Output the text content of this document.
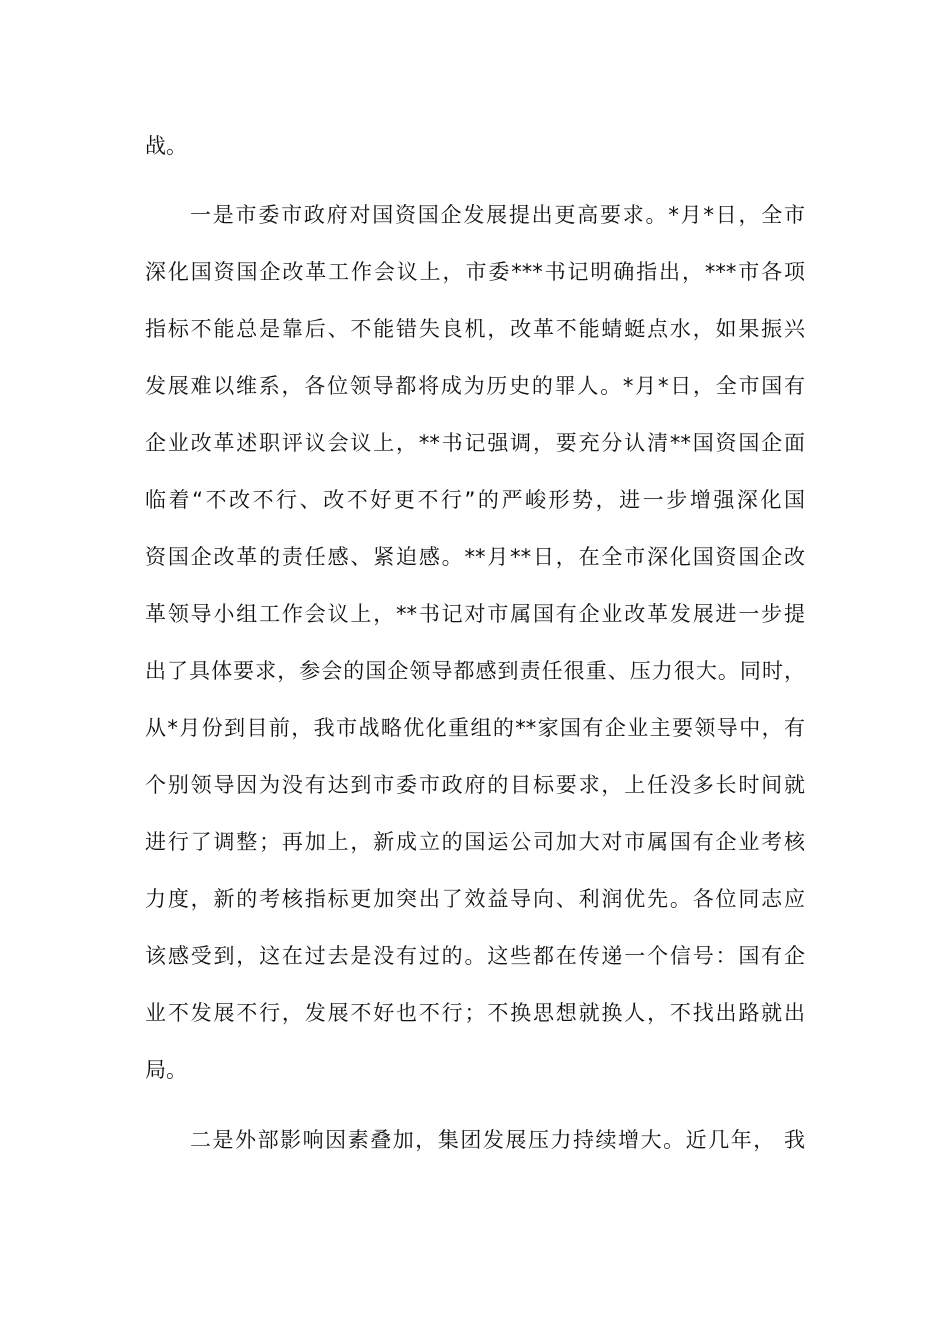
战。
一是市委市政府对国资国企发展提出更高要求。*月*日，全市
深化国资国企改革工作会议上，市委***书记明确指出，***市各项
指标不能总是靠后、不能错失良机，改革不能蜻蜓点水，如果振兴
发展难以维系，各位领导都将成为历史的罪人。*月*日，全市国有
企业改革述职评议会议上，**书记强调，要充分认清**国资国企面
临着“不改不行、改不好更不行”的严峻形势，进一步增强深化国
资国企改革的责任感、紧迫感。**月**日，在全市深化国资国企改
革领导小组工作会议上，**书记对市属国有企业改革发展进一步提
出了具体要求，参会的国企领导都感到责任很重、压力很大。同时，
从*月份到目前，我市战略优化重组的**家国有企业主要领导中，有
个别领导因为没有达到市委市政府的目标要求，上任没多长时间就
进行了调整；再加上，新成立的国运公司加大对市属国有企业考核
力度，新的考核指标更加突出了效益导向、利润优先。各位同志应
该感受到，这在过去是没有过的。这些都在传递一个信号：国有企
业不发展不行，发展不好也不行；不换思想就换人，不找出路就出
局。
二是外部影响因素叠加，集团发展压力持续增大。近几年， 我
